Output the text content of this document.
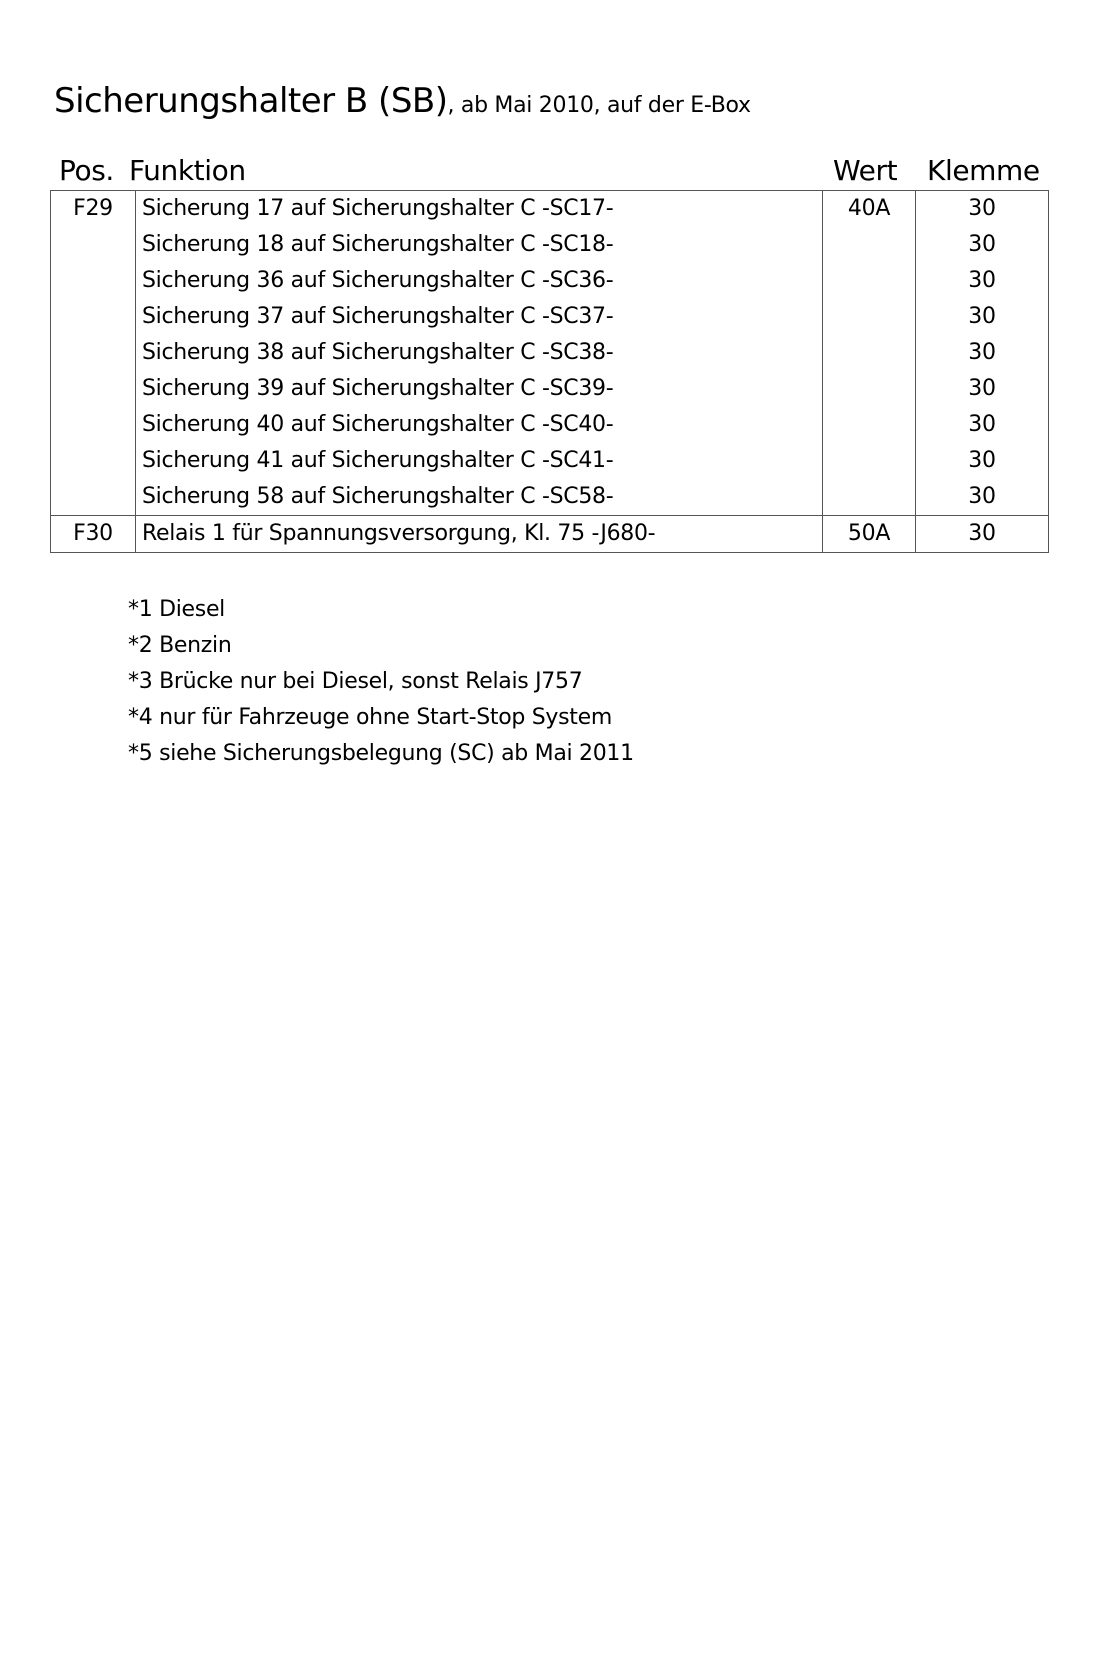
Sicherungshalter B (SB), ab Mai 2010, auf der E-Box
Pos. Funktion	Wert Klemme
F29	Sicherung 17 auf Sicherungshalter C -SC17-	40A	30
	Sicherung 18 auf Sicherungshalter C -SC18-		30
	Sicherung 36 auf Sicherungshalter C -SC36-		30
	Sicherung 37 auf Sicherungshalter C -SC37-		30
	Sicherung 38 auf Sicherungshalter C -SC38-		30
	Sicherung 39 auf Sicherungshalter C -SC39-		30
	Sicherung 40 auf Sicherungshalter C -SC40-		30
	Sicherung 41 auf Sicherungshalter C -SC41-		30
	Sicherung 58 auf Sicherungshalter C -SC58-		30
F30	Relais 1 für Spannungsversorgung, Kl. 75 -J680-	50A	30
*1 Diesel
*2 Benzin
*3 Brücke nur bei Diesel, sonst Relais J757
*4 nur für Fahrzeuge ohne Start-Stop System
*5 siehe Sicherungsbelegung (SC) ab Mai 2011
